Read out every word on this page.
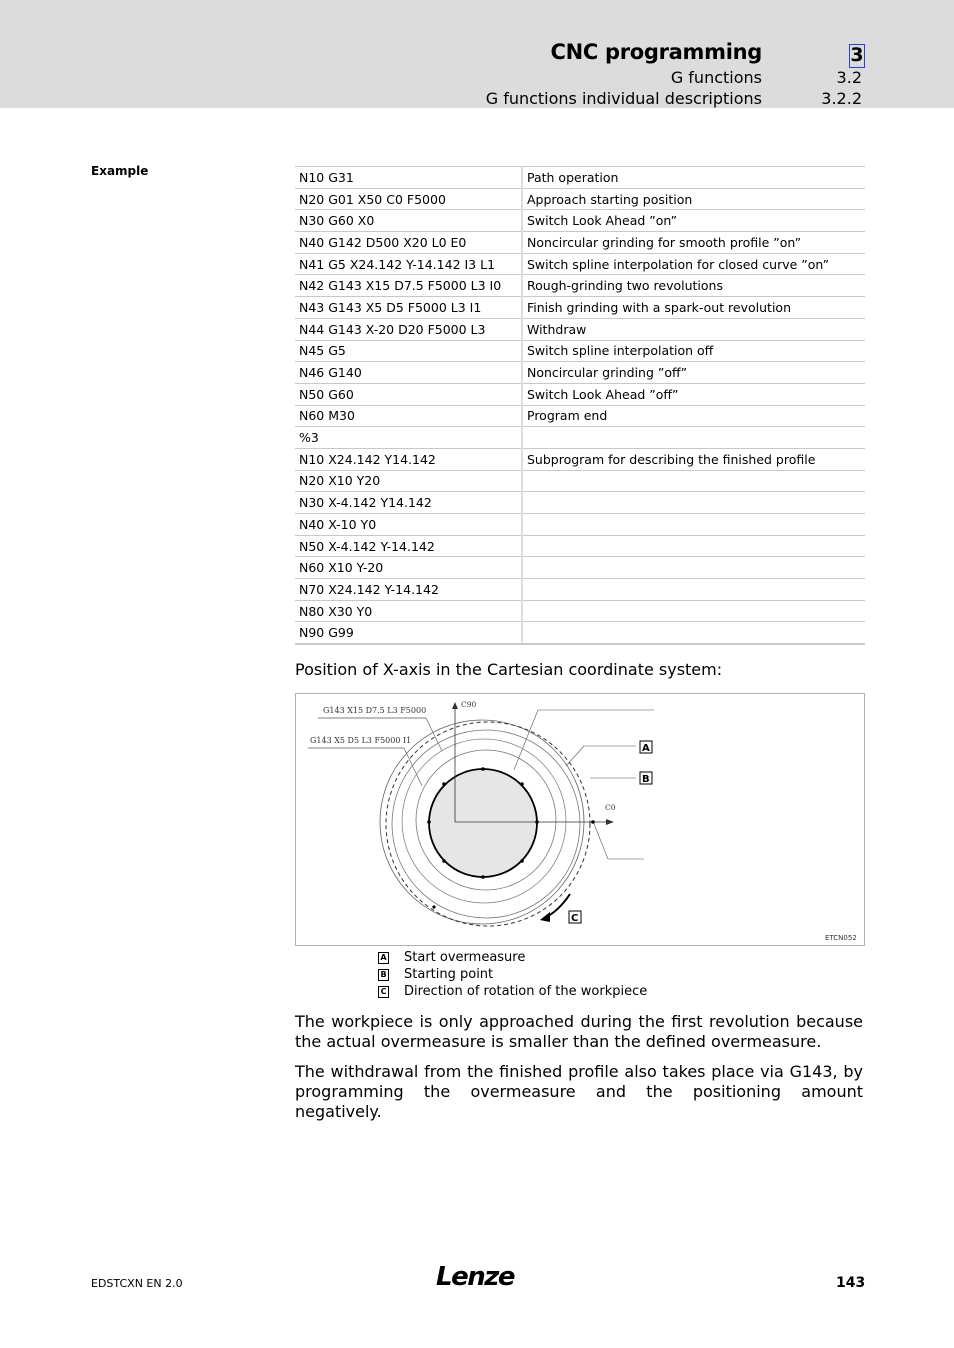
CNC programming	3
G functions	3.2
G functions individual descriptions	3.2.2
Example	N10 G31	Path operation
N20 G01 X50 C0 F5000	Approach starting position
N30 G60 X0	Switch Look Ahead ”on”
N40 G142 D500 X20 L0 E0	Noncircular grinding for smooth profile ”on”
N41 G5 X24.142 Y-14.142 I3 L1	Switch spline interpolation for closed curve ”on”
N42 G143 X15 D7.5 F5000 L3 I0	Rough-grinding two revolutions
N43 G143 X5 D5 F5000 L3 I1	Finish grinding with a spark-out revolution
N44 G143 X-20 D20 F5000 L3	Withdraw
N45 G5	Switch spline interpolation off
N46 G140	Noncircular grinding ”off”
N50 G60	Switch Look Ahead ”off”
N60 M30	Program end
%3	
N10 X24.142 Y14.142	Subprogram for describing the finished profile
N20 X10 Y20	
N30 X-4.142 Y14.142	
N40 X-10 Y0	
N50 X-4.142 Y-14.142	
N60 X10 Y-20	
N70 X24.142 Y-14.142	
N80 X30 Y0	
N90 G99	
Position of X-axis in the Cartesian coordinate system:
G143 X15 D7.5 L3 F5000
G143 X5 D5 L3 F5000 I1
C90
C0
A
B
C
ETCN052
A Start overmeasure
B Starting point
C Direction of rotation of the workpiece
The workpiece is only approached during the first revolution because the actual overmeasure is smaller than the defined overmeasure.
The withdrawal from the finished profile also takes place via G143, by programming the overmeasure and the positioning amount negatively.
EDSTCXN EN 2.0	Lenze	143
